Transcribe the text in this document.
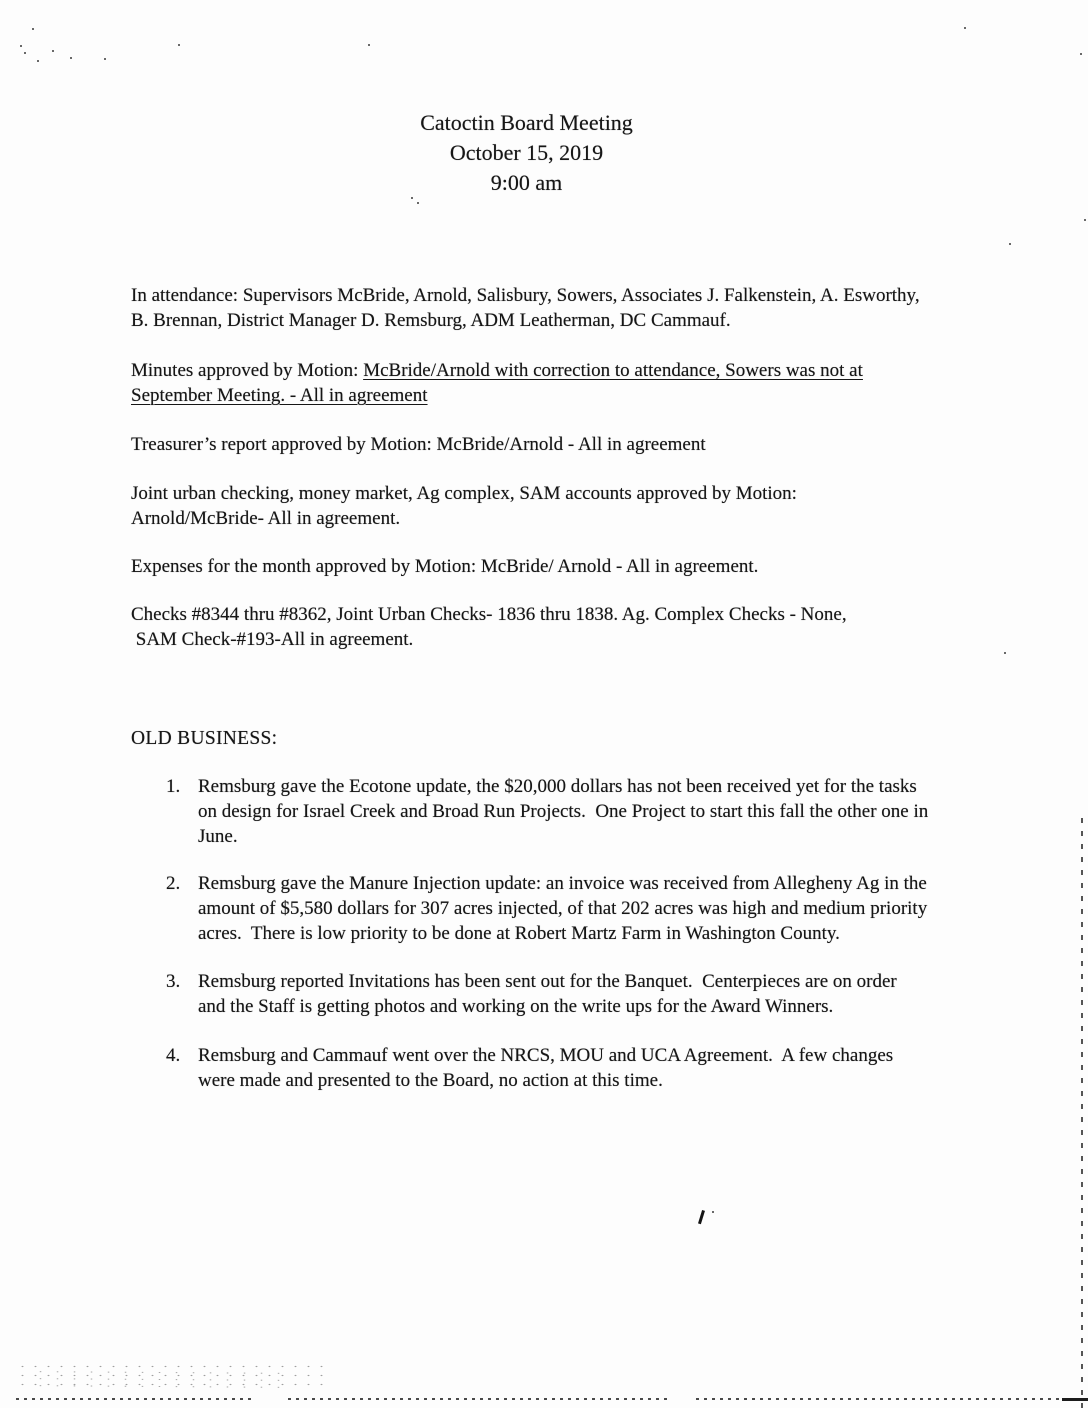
Catoctin Board Meeting
October 15, 2019
9:00 am
In attendance: Supervisors McBride, Arnold, Salisbury, Sowers, Associates J. Falkenstein, A. Esworthy,
B. Brennan, District Manager D. Remsburg, ADM Leatherman, DC Cammauf.
Minutes approved by Motion: McBride/Arnold with correction to attendance, Sowers was not at
September Meeting. - All in agreement
Treasurer’s report approved by Motion: McBride/Arnold - All in agreement
Joint urban checking, money market, Ag complex, SAM accounts approved by Motion:
Arnold/McBride- All in agreement.
Expenses for the month approved by Motion: McBride/ Arnold - All in agreement.
Checks #8344 thru #8362, Joint Urban Checks- 1836 thru 1838. Ag. Complex Checks - None,
SAM Check-#193-All in agreement.
OLD BUSINESS:
1. Remsburg gave the Ecotone update, the $20,000 dollars has not been received yet for the tasks
on design for Israel Creek and Broad Run Projects.  One Project to start this fall the other one in
June.
2. Remsburg gave the Manure Injection update: an invoice was received from Allegheny Ag in the
amount of $5,580 dollars for 307 acres injected, of that 202 acres was high and medium priority
acres.  There is low priority to be done at Robert Martz Farm in Washington County.
3. Remsburg reported Invitations has been sent out for the Banquet.  Centerpieces are on order
and the Staff is getting photos and working on the write ups for the Award Winners.
4. Remsburg and Cammauf went over the NRCS, MOU and UCA Agreement.  A few changes
were made and presented to the Board, no action at this time.
